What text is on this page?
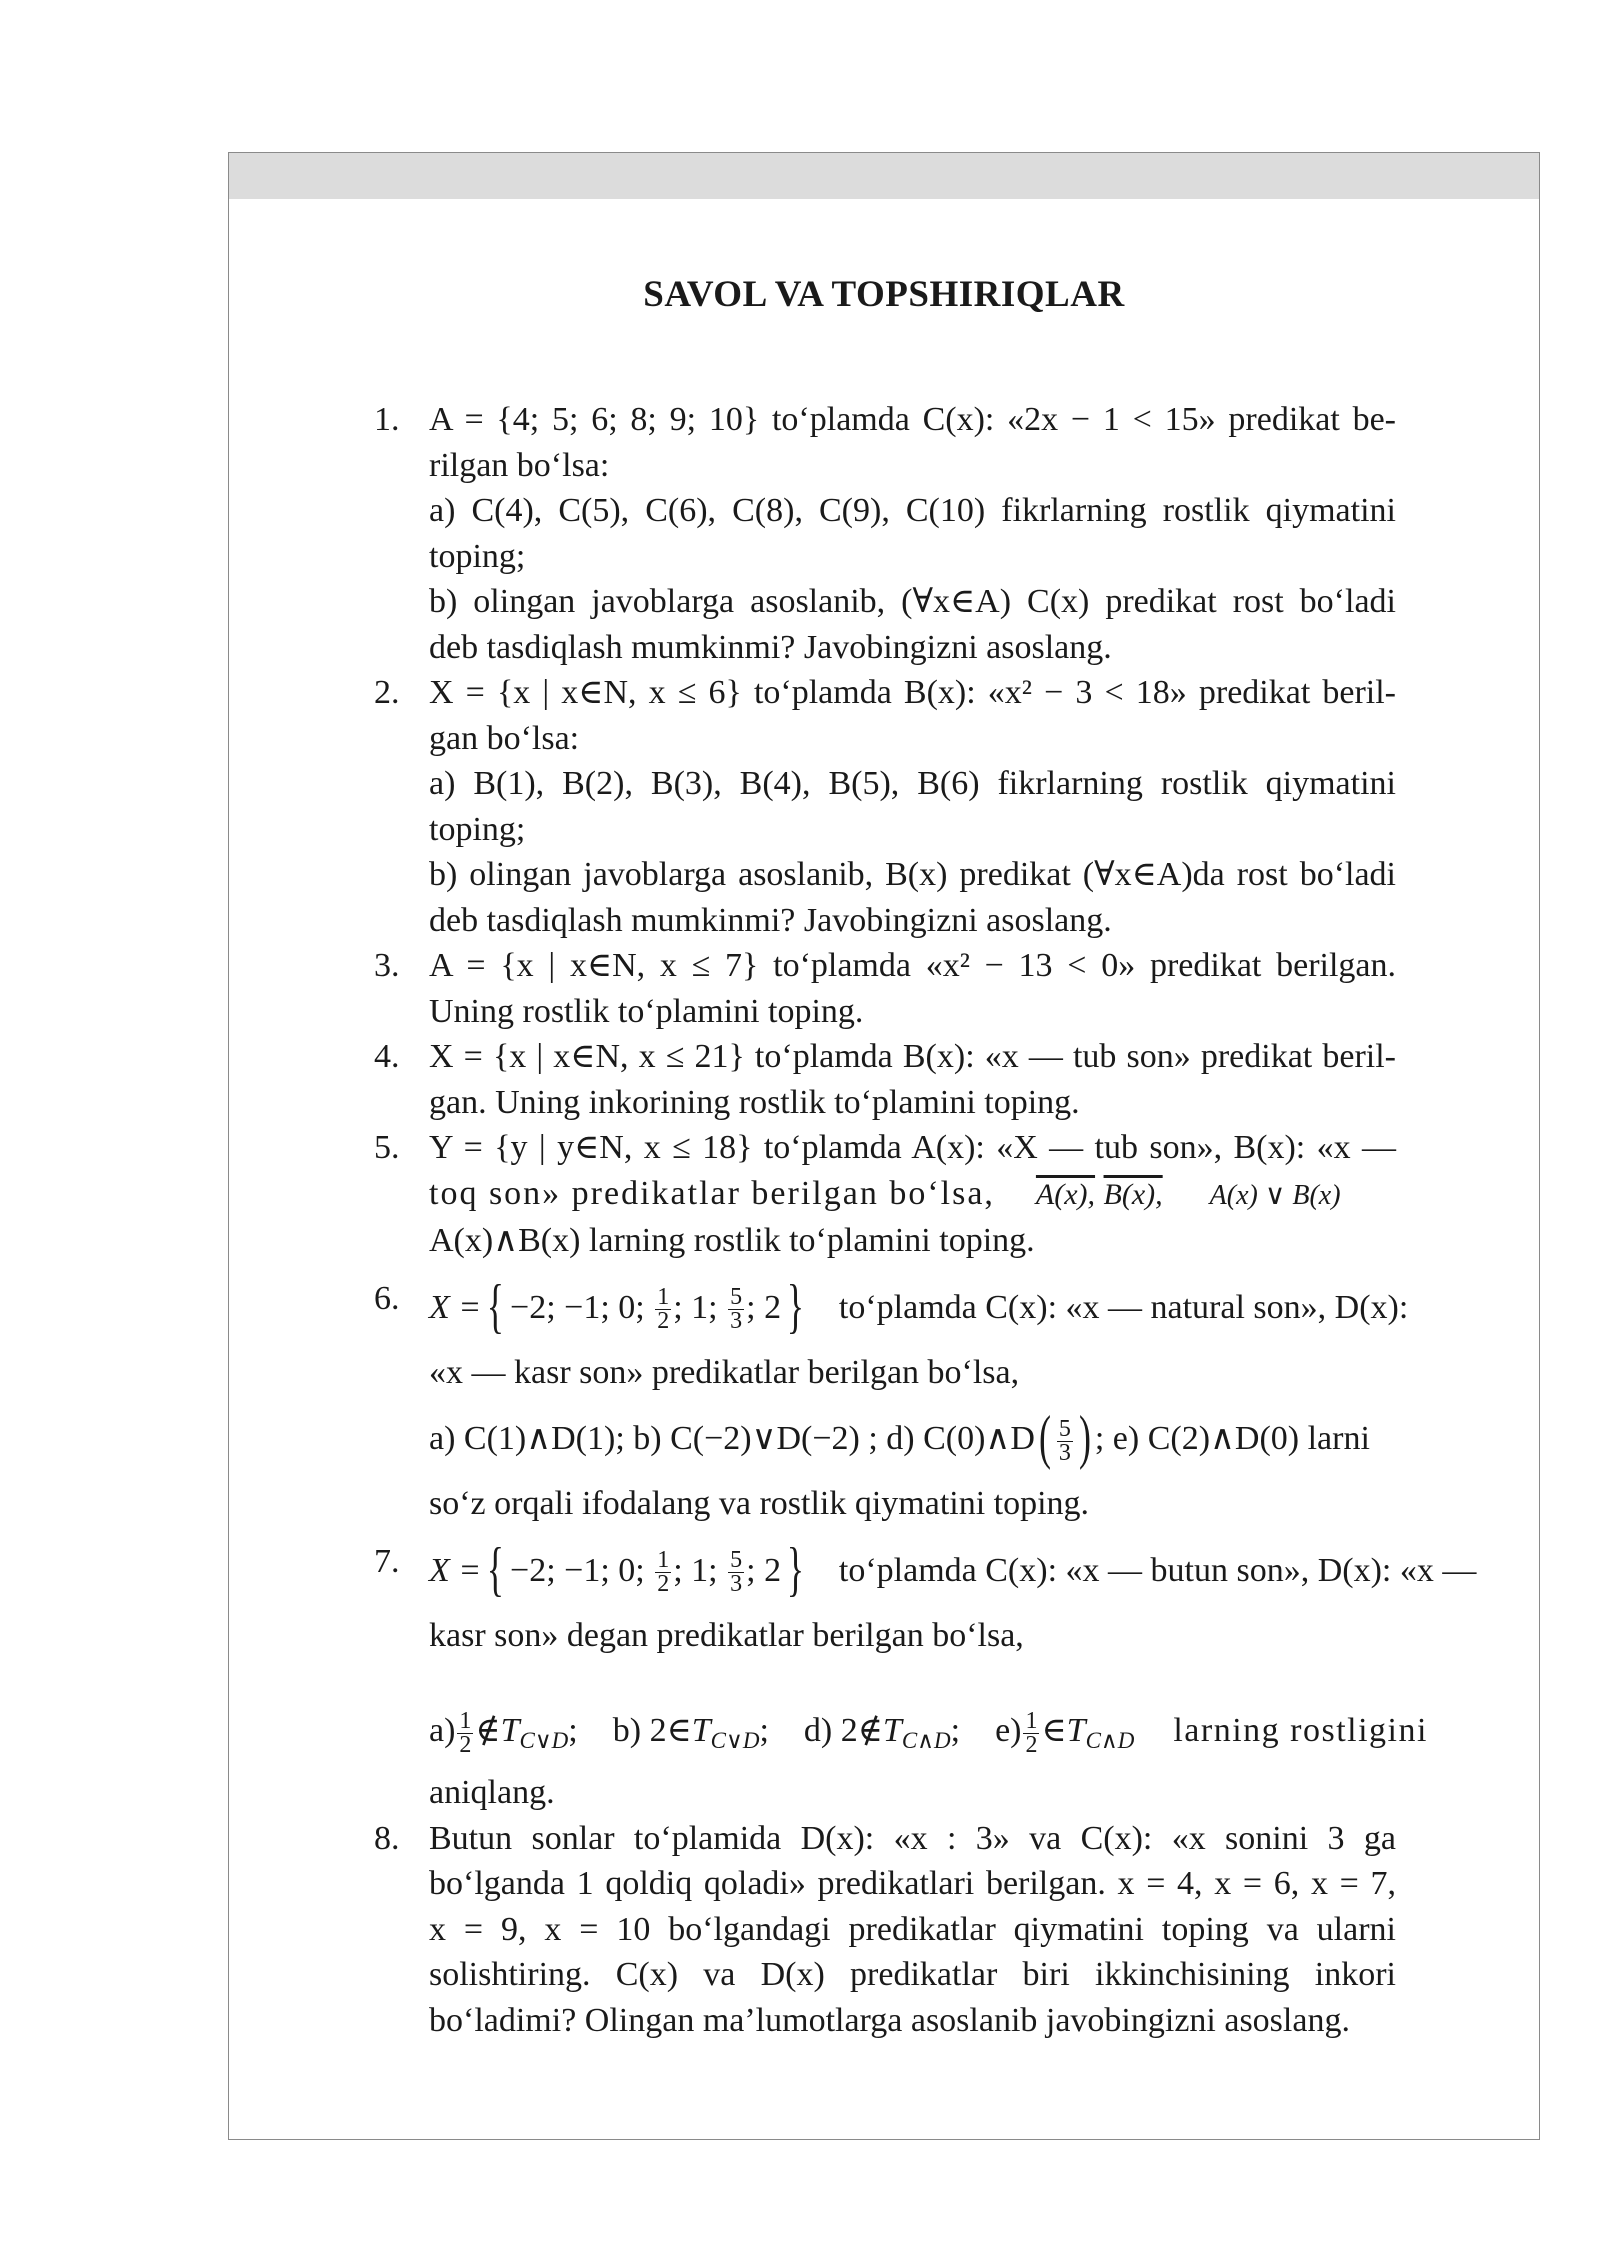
SAVOL VA TOPSHIRIQLAR
1. A = {4; 5; 6; 8; 9; 10} to‘plamda C(x): «2x − 1 < 15» predikat be-
rilgan bo‘lsa:
a) C(4), C(5), C(6), C(8), C(9), C(10) fikrlarning rostlik qiymatini
toping;
b) olingan javoblarga asoslanib, (∀x∈A) C(x) predikat rost bo‘ladi
deb tasdiqlash mumkinmi? Javobingizni asoslang.
2. X = {x | x∈N, x ≤ 6} to‘plamda B(x): «x² − 3 < 18» predikat beril-
gan bo‘lsa:
a) B(1), B(2), B(3), B(4), B(5), B(6) fikrlarning rostlik qiymatini
toping;
b) olingan javoblarga asoslanib, B(x) predikat (∀x∈A)da rost bo‘ladi
deb tasdiqlash mumkinmi? Javobingizni asoslang.
3. A = {x | x∈N, x ≤ 7} to‘plamda «x² − 13 < 0» predikat berilgan.
Uning rostlik to‘plamini toping.
4. X = {x | x∈N, x ≤ 21} to‘plamda B(x): «x — tub son» predikat beril-
gan. Uning inkorining rostlik to‘plamini toping.
5. Y = {y | y∈N, x ≤ 18} to‘plamda A(x): «X — tub son», B(x): «x —
toq son» predikatlar berilgan bo‘lsa, A(x), B(x), A(x) ∨ B(x)
A(x)∧B(x) larning rostlik to‘plamini toping.
6. X ={ −2; −1; 0; $\frac{1}{2}$ ; 1; $\frac{5}{3}$ ; 2} to‘plamda C(x): «x — natural son», D(x):
«x — kasr son» predikatlar berilgan bo‘lsa,
a) C(1)∧D(1); b) C(−2)∨D(−2) ; d) C(0)∧D( $\frac{5}{3}$ ) ; e) C(2)∧D(0) larni
so‘z orqali ifodalang va rostlik qiymatini toping.
7. X ={ −2; −1; 0; $\frac{1}{2}$ ; 1; $\frac{5}{3}$ ; 2} to‘plamda C(x): «x — butun son», D(x): «x —
kasr son» degan predikatlar berilgan bo‘lsa,
$a) \frac{1}{2}$ $\notin T_{C\vee D}$; b) $2\in T_{C\vee D}$; d) $2\notin T_{C\wedge D}$; $e) \frac{1}{2}$ $\in T_{C\wedge D}$ larning rostligini
aniqlang.
8. Butun sonlar to‘plamida D(x): «x : 3» va C(x): «x sonini 3 ga
bo‘lganda 1 qoldiq qoladi» predikatlari berilgan. x = 4, x = 6, x = 7,
x = 9, x = 10 bo‘lgandagi predikatlar qiymatini toping va ularni
solishtiring. C(x) va D(x) predikatlar biri ikkinchisining inkori
bo‘ladimi? Olingan ma’lumotlarga asoslanib javobingizni asoslang.
